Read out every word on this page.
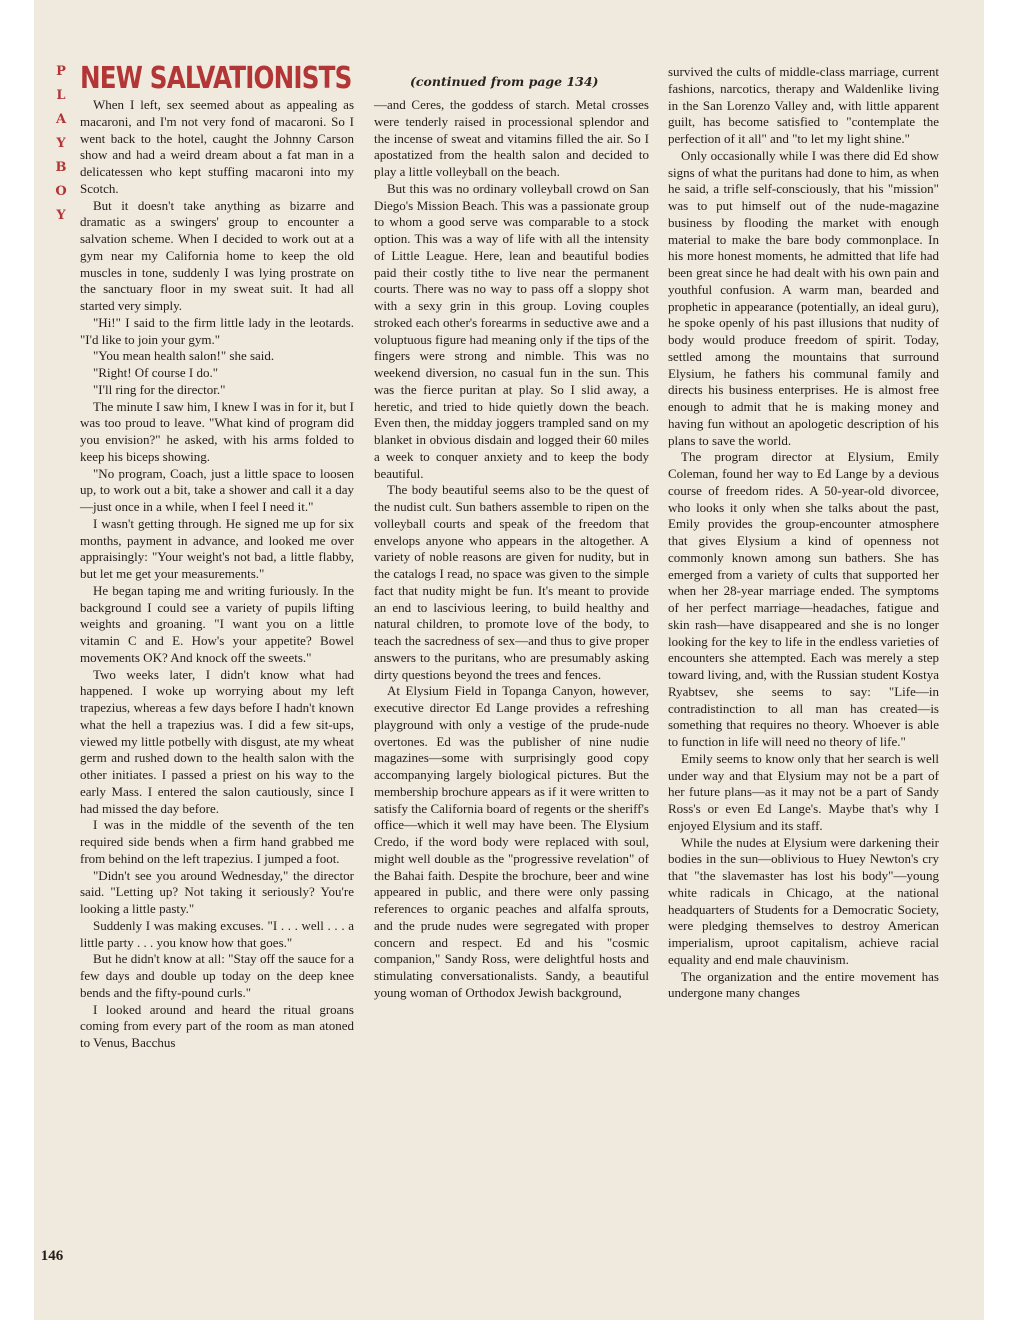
P
L
A
Y
B
O
Y
NEW SALVATIONISTS	(continued from page 134)

When I left, sex seemed about as appealing as macaroni, and I'm not very fond of macaroni. So I went back to the hotel, caught the Johnny Carson show and had a weird dream about a fat man in a delicatessen who kept stuffing macaroni into my Scotch.

But it doesn't take anything as bizarre and dramatic as a swingers' group to encounter a salvation scheme. When I decided to work out at a gym near my California home to keep the old muscles in tone, suddenly I was lying prostrate on the sanctuary floor in my sweat suit. It had all started very simply.

"Hi!" I said to the firm little lady in the leotards. "I'd like to join your gym."

"You mean health salon!" she said.

"Right! Of course I do."

"I'll ring for the director."

The minute I saw him, I knew I was in for it, but I was too proud to leave. "What kind of program did you envision?" he asked, with his arms folded to keep his biceps showing.

"No program, Coach, just a little space to loosen up, to work out a bit, take a shower and call it a day—just once in a while, when I feel I need it."

I wasn't getting through. He signed me up for six months, payment in advance, and looked me over appraisingly: "Your weight's not bad, a little flabby, but let me get your measurements."

He began taping me and writing furiously. In the background I could see a variety of pupils lifting weights and groaning. "I want you on a little vitamin C and E. How's your appetite? Bowel movements OK? And knock off the sweets."

Two weeks later, I didn't know what had happened. I woke up worrying about my left trapezius, whereas a few days before I hadn't known what the hell a trapezius was. I did a few sit-ups, viewed my little potbelly with disgust, ate my wheat germ and rushed down to the health salon with the other initiates. I passed a priest on his way to the early Mass. I entered the salon cautiously, since I had missed the day before.

I was in the middle of the seventh of the ten required side bends when a firm hand grabbed me from behind on the left trapezius. I jumped a foot.

"Didn't see you around Wednesday," the director said. "Letting up? Not taking it seriously? You're looking a little pasty."

Suddenly I was making excuses. "I . . . well . . . a little party . . . you know how that goes."

But he didn't know at all: "Stay off the sauce for a few days and double up today on the deep knee bends and the fifty-pound curls."

I looked around and heard the ritual groans coming from every part of the room as man atoned to Venus, Bacchus

—and Ceres, the goddess of starch. Metal crosses were tenderly raised in processional splendor and the incense of sweat and vitamins filled the air. So I apostatized from the health salon and decided to play a little volleyball on the beach.

But this was no ordinary volleyball crowd on San Diego's Mission Beach. This was a passionate group to whom a good serve was comparable to a stock option. This was a way of life with all the intensity of Little League. Here, lean and beautiful bodies paid their costly tithe to live near the permanent courts. There was no way to pass off a sloppy shot with a sexy grin in this group. Loving couples stroked each other's forearms in seductive awe and a voluptuous figure had meaning only if the tips of the fingers were strong and nimble. This was no weekend diversion, no casual fun in the sun. This was the fierce puritan at play. So I slid away, a heretic, and tried to hide quietly down the beach. Even then, the midday joggers trampled sand on my blanket in obvious disdain and logged their 60 miles a week to conquer anxiety and to keep the body beautiful.

The body beautiful seems also to be the quest of the nudist cult. Sun bathers assemble to ripen on the volleyball courts and speak of the freedom that envelops anyone who appears in the altogether. A variety of noble reasons are given for nudity, but in the catalogs I read, no space was given to the simple fact that nudity might be fun. It's meant to provide an end to lascivious leering, to build healthy and natural children, to promote love of the body, to teach the sacredness of sex—and thus to give proper answers to the puritans, who are presumably asking dirty questions beyond the trees and fences.

At Elysium Field in Topanga Canyon, however, executive director Ed Lange provides a refreshing playground with only a vestige of the prude-nude overtones. Ed was the publisher of nine nudie magazines—some with surprisingly good copy accompanying largely biological pictures. But the membership brochure appears as if it were written to satisfy the California board of regents or the sheriff's office—which it well may have been. The Elysium Credo, if the word body were replaced with soul, might well double as the "progressive revelation" of the Bahai faith. Despite the brochure, beer and wine appeared in public, and there were only passing references to organic peaches and alfalfa sprouts, and the prude nudes were segregated with proper concern and respect. Ed and his "cosmic companion," Sandy Ross, were delightful hosts and stimulating conversationalists. Sandy, a beautiful young woman of Orthodox Jewish background,

survived the cults of middle-class marriage, current fashions, narcotics, therapy and Waldenlike living in the San Lorenzo Valley and, with little apparent guilt, has become satisfied to "contemplate the perfection of it all" and "to let my light shine."

Only occasionally while I was there did Ed show signs of what the puritans had done to him, as when he said, a trifle self-consciously, that his "mission" was to put himself out of the nude-magazine business by flooding the market with enough material to make the bare body commonplace. In his more honest moments, he admitted that life had been great since he had dealt with his own pain and youthful confusion. A warm man, bearded and prophetic in appearance (potentially, an ideal guru), he spoke openly of his past illusions that nudity of body would produce freedom of spirit. Today, settled among the mountains that surround Elysium, he fathers his communal family and directs his business enterprises. He is almost free enough to admit that he is making money and having fun without an apologetic description of his plans to save the world.

The program director at Elysium, Emily Coleman, found her way to Ed Lange by a devious course of freedom rides. A 50-year-old divorcee, who looks it only when she talks about the past, Emily provides the group-encounter atmosphere that gives Elysium a kind of openness not commonly known among sun bathers. She has emerged from a variety of cults that supported her when her 28-year marriage ended. The symptoms of her perfect marriage—headaches, fatigue and skin rash—have disappeared and she is no longer looking for the key to life in the endless varieties of encounters she attempted. Each was merely a step toward living, and, with the Russian student Kostya Ryabtsev, she seems to say: "Life—in contradistinction to all man has created—is something that requires no theory. Whoever is able to function in life will need no theory of life."

Emily seems to know only that her search is well under way and that Elysium may not be a part of her future plans—as it may not be a part of Sandy Ross's or even Ed Lange's. Maybe that's why I enjoyed Elysium and its staff.

While the nudes at Elysium were darkening their bodies in the sun—oblivious to Huey Newton's cry that "the slavemaster has lost his body"—young white radicals in Chicago, at the national headquarters of Students for a Democratic Society, were pledging themselves to destroy American imperialism, uproot capitalism, achieve racial equality and end male chauvinism.

The organization and the entire movement has undergone many changes

146
